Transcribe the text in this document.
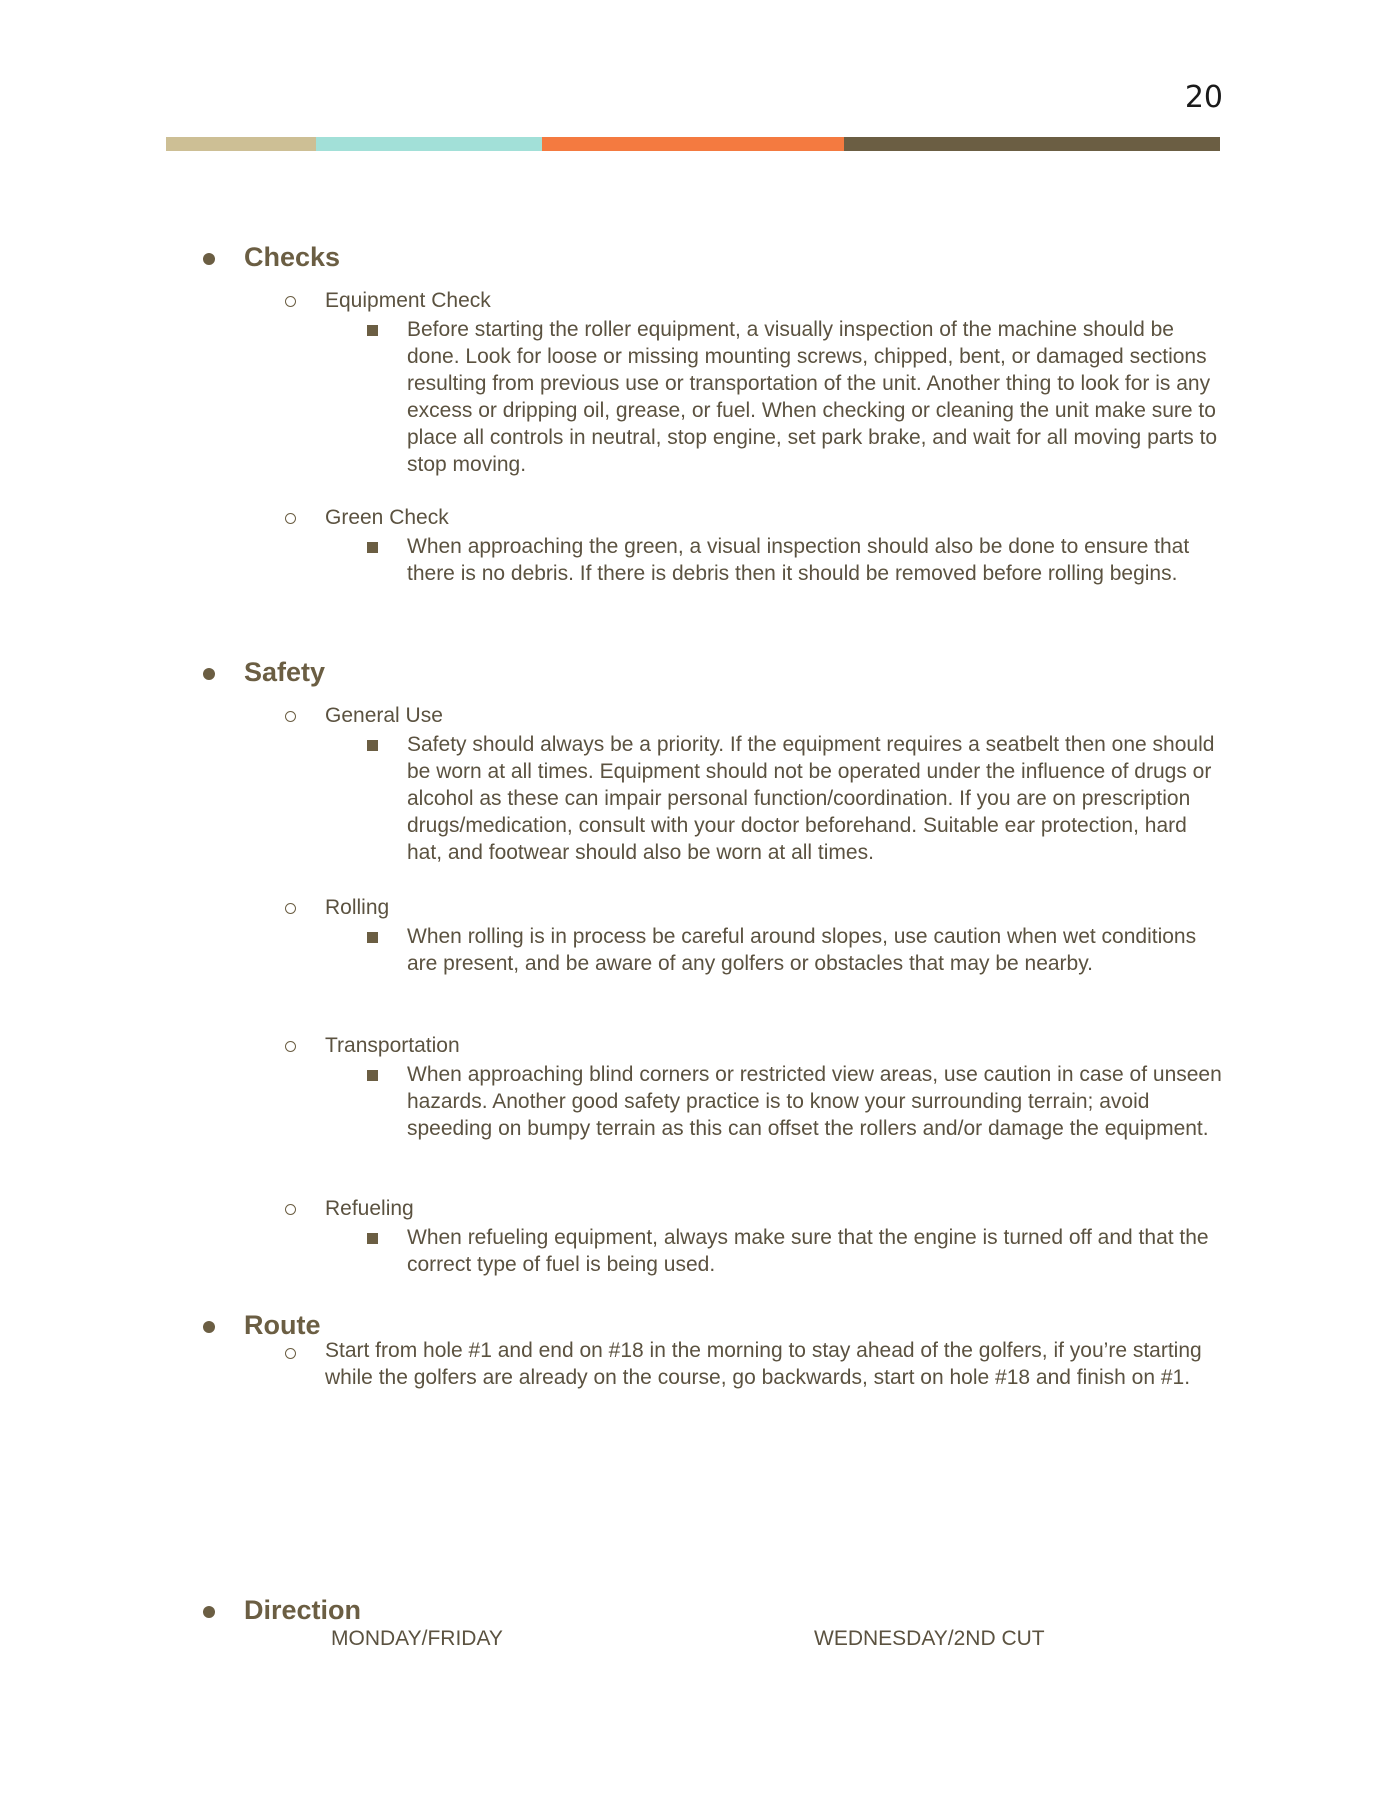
20
Checks
Equipment Check
Before starting the roller equipment, a visually inspection of the machine should be done. Look for loose or missing mounting screws, chipped, bent, or damaged sections resulting from previous use or transportation of the unit. Another thing to look for is any excess or dripping oil, grease, or fuel. When checking or cleaning the unit make sure to place all controls in neutral, stop engine, set park brake, and wait for all moving parts to stop moving.
Green Check
When approaching the green, a visual inspection should also be done to ensure that there is no debris. If there is debris then it should be removed before rolling begins.
Safety
General Use
Safety should always be a priority. If the equipment requires a seatbelt then one should be worn at all times. Equipment should not be operated under the influence of drugs or alcohol as these can impair personal function/coordination. If you are on prescription drugs/medication, consult with your doctor beforehand. Suitable ear protection, hard hat, and footwear should also be worn at all times.
Rolling
When rolling is in process be careful around slopes, use caution when wet conditions are present, and be aware of any golfers or obstacles that may be nearby.
Transportation
When approaching blind corners or restricted view areas, use caution in case of unseen hazards. Another good safety practice is to know your surrounding terrain; avoid speeding on bumpy terrain as this can offset the rollers and/or damage the equipment.
Refueling
When refueling equipment, always make sure that the engine is turned off and that the correct type of fuel is being used.
Route
Start from hole #1 and end on #18 in the morning to stay ahead of the golfers, if you’re starting while the golfers are already on the course, go backwards, start on hole #18 and finish on #1.
Direction
MONDAY/FRIDAY	WEDNESDAY/2ND CUT
